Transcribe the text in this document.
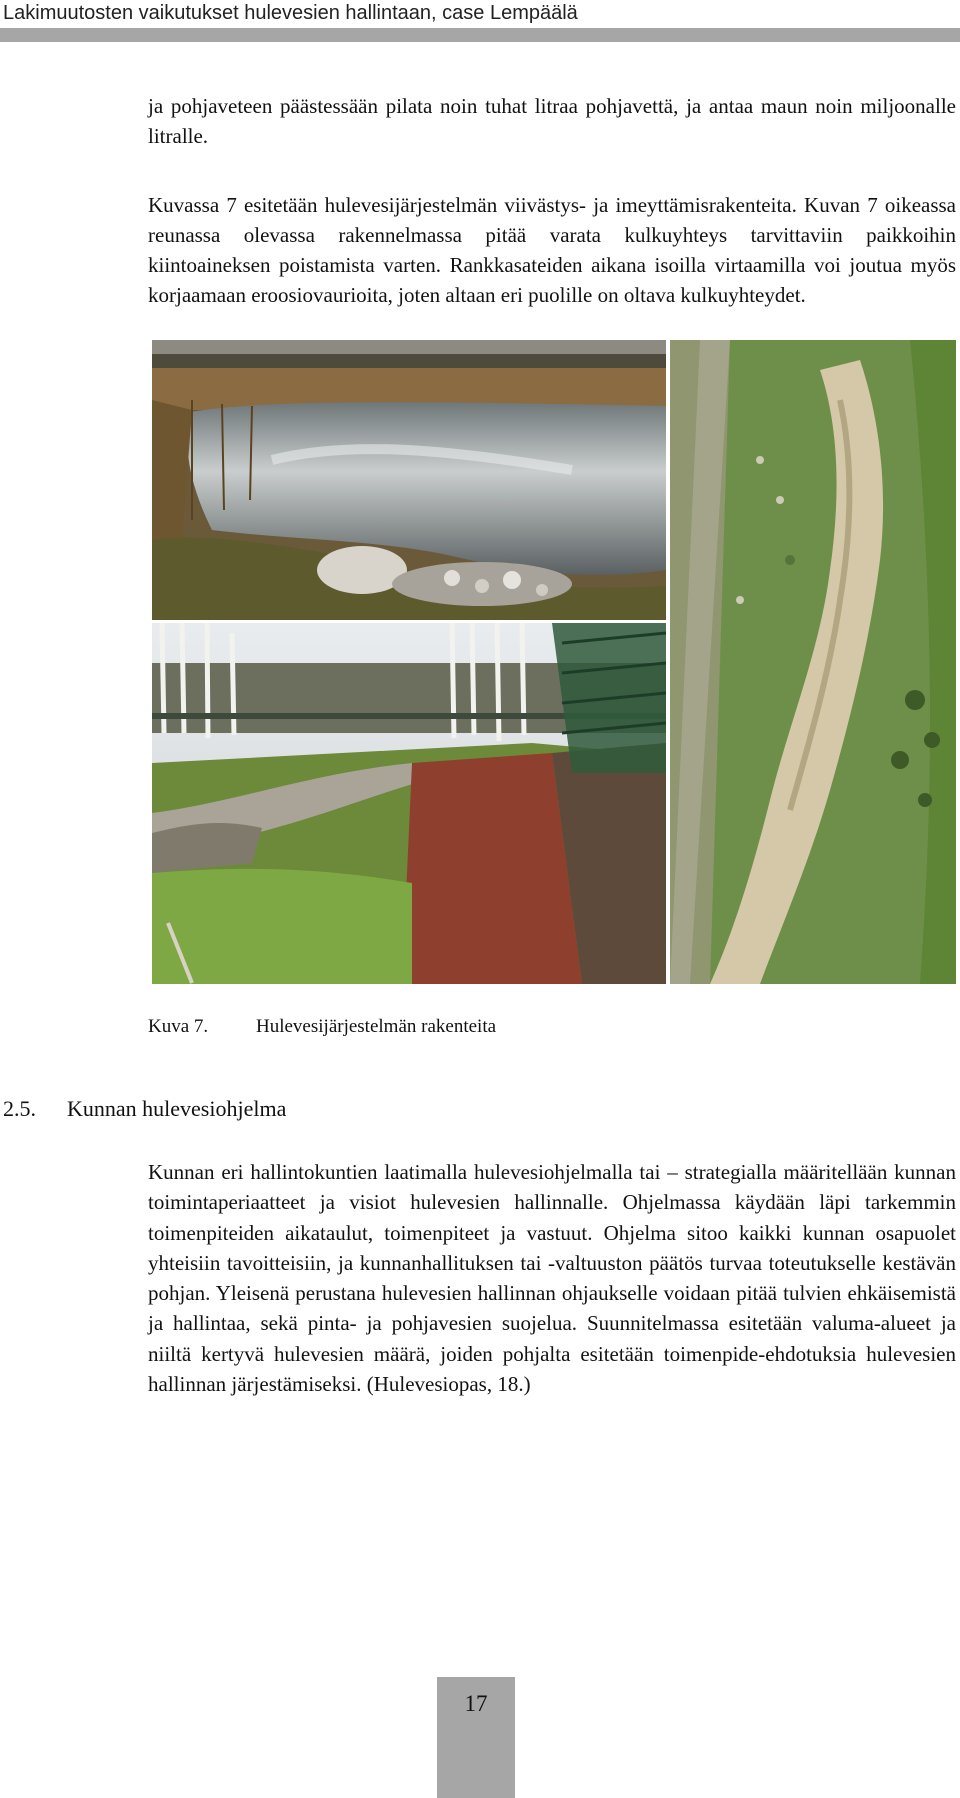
Lakimuutosten vaikutukset hulevesien hallintaan, case Lempäälä

ja pohjaveteen päästessään pilata noin tuhat litraa pohjavettä, ja antaa maun noin miljoonalle litralle.

Kuvassa 7 esitetään hulevesijärjestelmän viivästys- ja imeyttämisrakenteita. Kuvan 7 oikeassa reunassa olevassa rakennelmassa pitää varata kulkuyhteys tarvittaviin paikkoihin kiintoaineksen poistamista varten. Rankkasateiden aikana isoilla virtaamilla voi joutua myös korjaamaan eroosiovaurioita, joten altaan eri puolille on oltava kulkuyhteydet.

Kuva 7.	Hulevesijärjestelmän rakenteita
2.5. Kunnan hulevesiohjelma

Kunnan eri hallintokuntien laatimalla hulevesiohjelmalla tai – strategialla määritellään kunnan toimintaperiaatteet ja visiot hulevesien hallinnalle. Ohjelmassa käydään läpi tarkemmin toimenpiteiden aikataulut, toimenpiteet ja vastuut. Ohjelma sitoo kaikki kunnan osapuolet yhteisiin tavoitteisiin, ja kunnanhallituksen tai -valtuuston päätös turvaa toteutukselle kestävän pohjan. Yleisenä perustana hulevesien hallinnan ohjaukselle voidaan pitää tulvien ehkäisemistä ja hallintaa, sekä pinta- ja pohjavesien suojelua. Suunnitelmassa esitetään valuma-alueet ja niiltä kertyvä hulevesien määrä, joiden pohjalta esitetään toimenpide-ehdotuksia hulevesien hallinnan järjestämiseksi. (Hulevesiopas, 18.)

17
